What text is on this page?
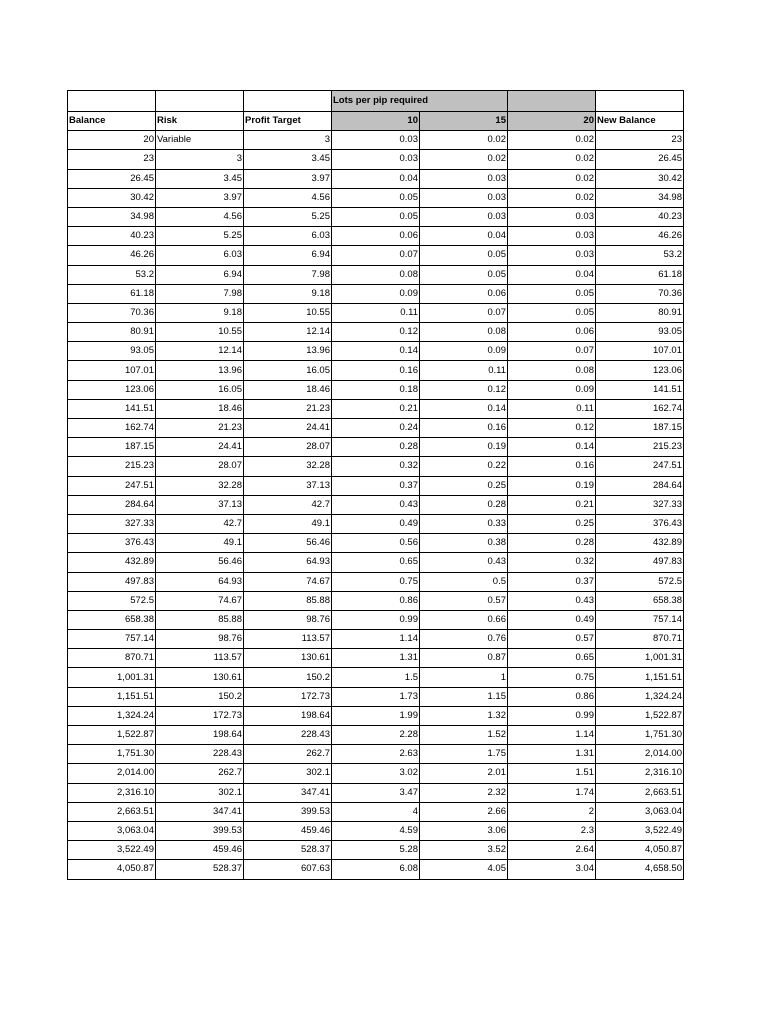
			Lots per pip required			

Balance	Risk	Profit Target	10	15	20	New Balance
20	Variable	3	0.03	0.02	0.02	23
23	3	3.45	0.03	0.02	0.02	26.45
26.45	3.45	3.97	0.04	0.03	0.02	30.42
30.42	3.97	4.56	0.05	0.03	0.02	34.98
34.98	4.56	5.25	0.05	0.03	0.03	40.23
40.23	5.25	6.03	0.06	0.04	0.03	46.26
46.26	6.03	6.94	0.07	0.05	0.03	53.2
53.2	6.94	7.98	0.08	0.05	0.04	61.18
61.18	7.98	9.18	0.09	0.06	0.05	70.36
70.36	9.18	10.55	0.11	0.07	0.05	80.91
80.91	10.55	12.14	0.12	0.08	0.06	93.05
93.05	12.14	13.96	0.14	0.09	0.07	107.01
107.01	13.96	16.05	0.16	0.11	0.08	123.06
123.06	16.05	18.46	0.18	0.12	0.09	141.51
141.51	18.46	21.23	0.21	0.14	0.11	162.74
162.74	21.23	24.41	0.24	0.16	0.12	187.15
187.15	24.41	28.07	0.28	0.19	0.14	215.23
215.23	28.07	32.28	0.32	0.22	0.16	247.51
247.51	32.28	37.13	0.37	0.25	0.19	284.64
284.64	37.13	42.7	0.43	0.28	0.21	327.33
327.33	42.7	49.1	0.49	0.33	0.25	376.43
376.43	49.1	56.46	0.56	0.38	0.28	432.89
432.89	56.46	64.93	0.65	0.43	0.32	497.83
497.83	64.93	74.67	0.75	0.5	0.37	572.5
572.5	74.67	85.88	0.86	0.57	0.43	658.38
658.38	85.88	98.76	0.99	0.66	0.49	757.14
757.14	98.76	113.57	1.14	0.76	0.57	870.71
870.71	113.57	130.61	1.31	0.87	0.65	1,001.31
1,001.31	130.61	150.2	1.5	1	0.75	1,151.51
1,151.51	150.2	172.73	1.73	1.15	0.86	1,324.24
1,324.24	172.73	198.64	1.99	1.32	0.99	1,522.87
1,522.87	198.64	228.43	2.28	1.52	1.14	1,751.30
1,751.30	228.43	262.7	2.63	1.75	1.31	2,014.00
2,014.00	262.7	302.1	3.02	2.01	1.51	2,316.10
2,316.10	302.1	347.41	3.47	2.32	1.74	2,663.51
2,663.51	347.41	399.53	4	2.66	2	3,063.04
3,063.04	399.53	459.46	4.59	3.06	2.3	3,522.49
3,522.49	459.46	528.37	5.28	3.52	2.64	4,050.87
4,050.87	528.37	607.63	6.08	4.05	3.04	4,658.50
